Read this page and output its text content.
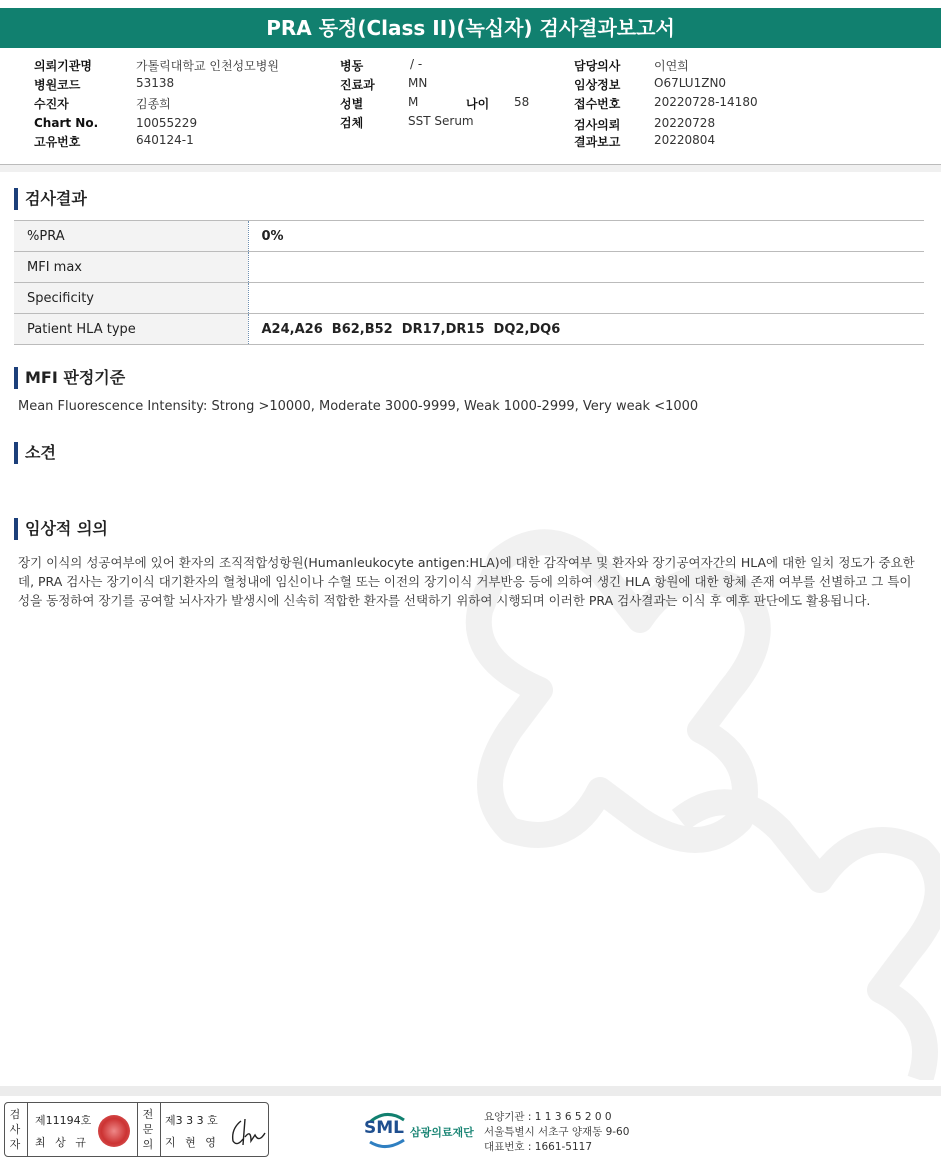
PRA 동정(Class II)(녹십자) 검사결과보고서
의뢰기관명	가톨릭대학교 인천성모병원
병원코드	53138
수진자	김종희
Chart No.	10055229
고유번호	640124-1
병동	/ -
진료과	MN
성별	M	나이 58
검체	SST Serum
담당의사	이연희
임상정보	O67LU1ZN0
접수번호	20220728-14180
검사의뢰	20220728
결과보고	20220804
검사결과
%PRA	0%
MFI max	
Specificity	
Patient HLA type	A24,A26  B62,B52  DR17,DR15  DQ2,DQ6
MFI 판정기준
Mean Fluorescence Intensity: Strong >10000, Moderate 3000-9999, Weak 1000-2999, Very weak <1000
소견
임상적 의의
장기 이식의 성공여부에 있어 환자의 조직적합성항원(Humanleukocyte antigen:HLA)에 대한 감작여부 및 환자와 장기공여자간의 HLA에 대한 일치 정도가 중요한데, PRA 검사는 장기이식 대기환자의 혈청내에 임신이나 수혈 또는 이전의 장기이식 거부반응 등에 의하여 생긴 HLA 항원에 대한 항체 존재 여부를 선별하고 그 특이성을 동정하여 장기를 공여할 뇌사자가 발생시에 신속히 적합한 환자를 선택하기 위하여 시행되며 이러한 PRA 검사결과는 이식 후 예후 판단에도 활용됩니다.
검
사
자
제11194호
최 상 규
전
문
의
제3 3 3 호
지 현 영
SML 삼광의료재단
요양기관 : 1 1 3 6 5 2 0 0
서울특별시 서초구 양재동 9-60
대표번호 : 1661-5117
